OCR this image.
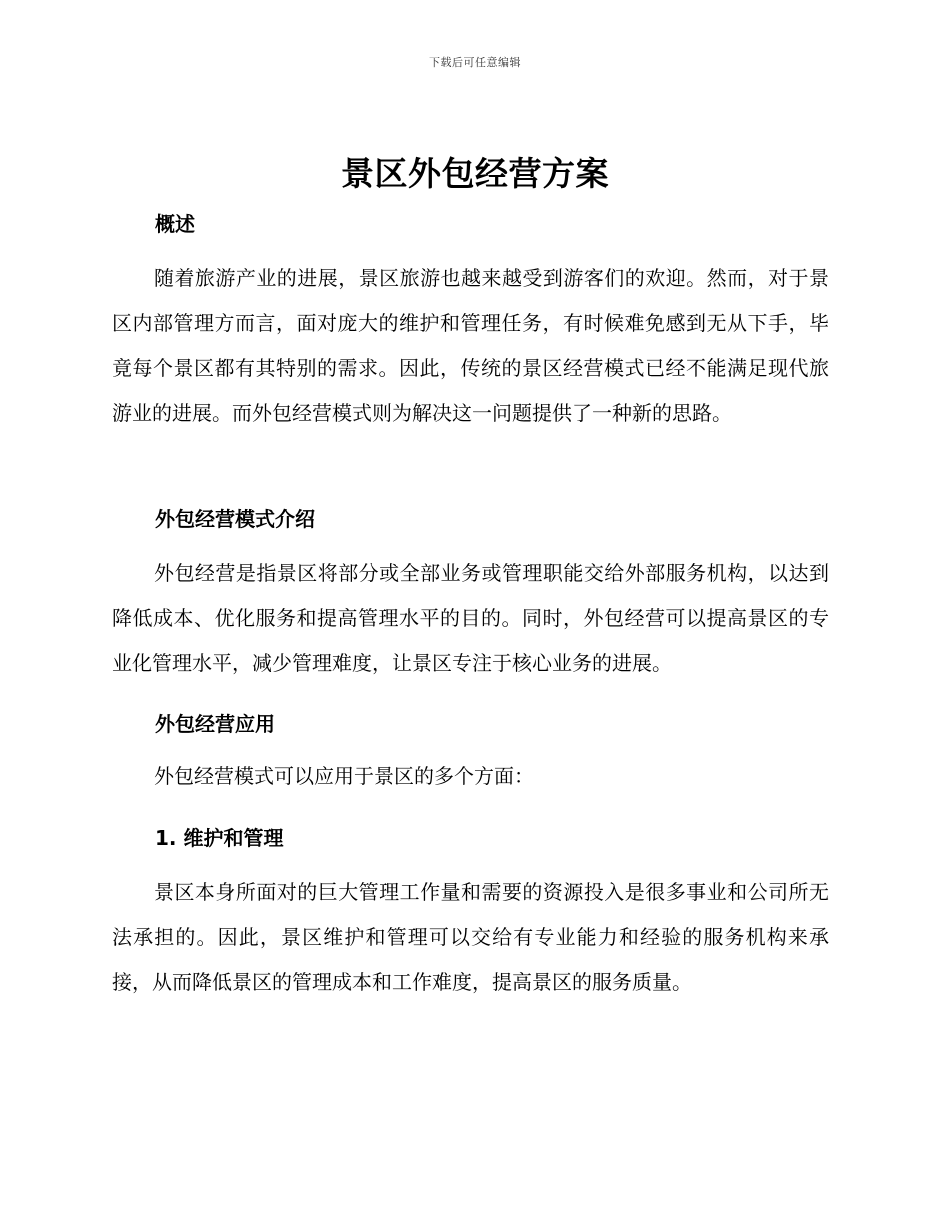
下载后可任意编辑
景区外包经营方案
概述

随着旅游产业的进展，景区旅游也越来越受到游客们的欢迎。然而，对于景区内部管理方而言，面对庞大的维护和管理任务，有时候难免感到无从下手，毕竟每个景区都有其特别的需求。因此，传统的景区经营模式已经不能满足现代旅游业的进展。而外包经营模式则为解决这一问题提供了一种新的思路。

外包经营模式介绍

外包经营是指景区将部分或全部业务或管理职能交给外部服务机构，以达到降低成本、优化服务和提高管理水平的目的。同时，外包经营可以提高景区的专业化管理水平，减少管理难度，让景区专注于核心业务的进展。

外包经营应用

外包经营模式可以应用于景区的多个方面：

1. 维护和管理

景区本身所面对的巨大管理工作量和需要的资源投入是很多事业和公司所无法承担的。因此，景区维护和管理可以交给有专业能力和经验的服务机构来承接，从而降低景区的管理成本和工作难度，提高景区的服务质量。
